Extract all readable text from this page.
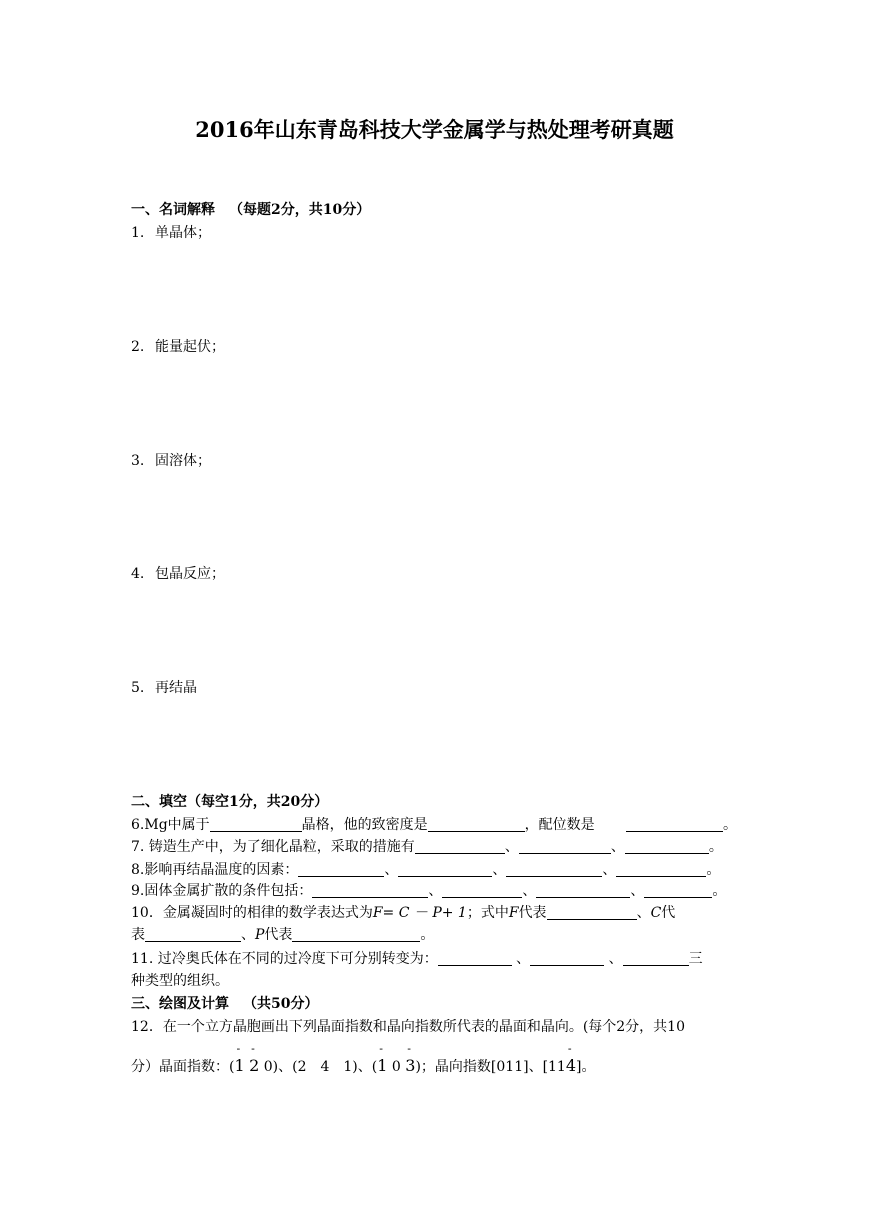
2016年山东青岛科技大学金属学与热处理考研真题
一、名词解释 （每题2分，共10分）
1. 单晶体；
2. 能量起伏；
3. 固溶体；
4. 包晶反应；
5. 再结晶
二、填空（每空1分，共20分）
6.Mg中属于	晶格，他的致密度是	，配位数是	。
7. 铸造生产中，为了细化晶粒，采取的措施有	、	、	。
8.影响再结晶温度的因素：	、	、	、	。
9.固体金属扩散的条件包括：	、	、	、	。
10．金属凝固时的相律的数学表达式为F= C － P+ 1；式中F代表	、C代
表	、P代表	。
11. 过冷奥氏体在不同的过冷度下可分别转变为：	、	、	三
种类型的组织。
三、绘图及计算 （共50分）
12．在一个立方晶胞画出下列晶面指数和晶向指数所代表的晶面和晶向。(每个2分，共10
分）晶面指数：(- 1 - 2 0)、(2　4　1)、(- 1 0 - 3)；晶向指数[011]、[11- 4]。
